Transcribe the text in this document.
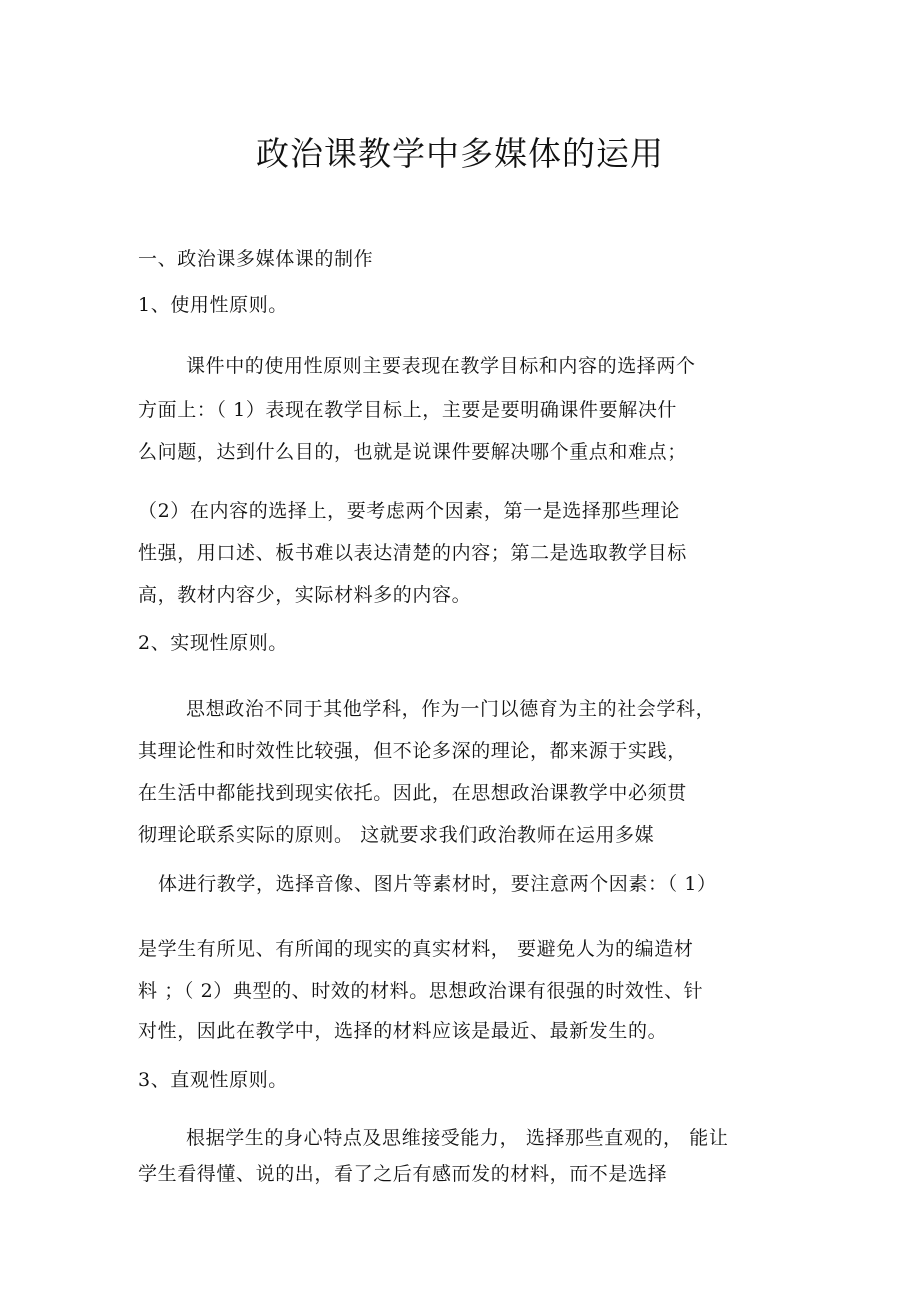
政治课教学中多媒体的运用
一、政治课多媒体课的制作
1、使用性原则。
课件中的使用性原则主要表现在教学目标和内容的选择两个
方面上：（ 1）表现在教学目标上，主要是要明确课件要解决什
么问题，达到什么目的，也就是说课件要解决哪个重点和难点；
（2）在内容的选择上，要考虑两个因素，第一是选择那些理论
性强，用口述、板书难以表达清楚的内容；第二是选取教学目标
高，教材内容少，实际材料多的内容。
2、实现性原则。
思想政治不同于其他学科，作为一门以德育为主的社会学科，
其理论性和时效性比较强，但不论多深的理论，都来源于实践，
在生活中都能找到现实依托。因此，在思想政治课教学中必须贯
彻理论联系实际的原则。 这就要求我们政治教师在运用多媒
体进行教学，选择音像、图片等素材时，要注意两个因素：（ 1）
是学生有所见、有所闻的现实的真实材料， 要避免人为的编造材
料 ；（ 2）典型的、时效的材料。思想政治课有很强的时效性、针
对性，因此在教学中，选择的材料应该是最近、最新发生的。
3、直观性原则。
根据学生的身心特点及思维接受能力， 选择那些直观的， 能让
学生看得懂、说的出，看了之后有感而发的材料，而不是选择
